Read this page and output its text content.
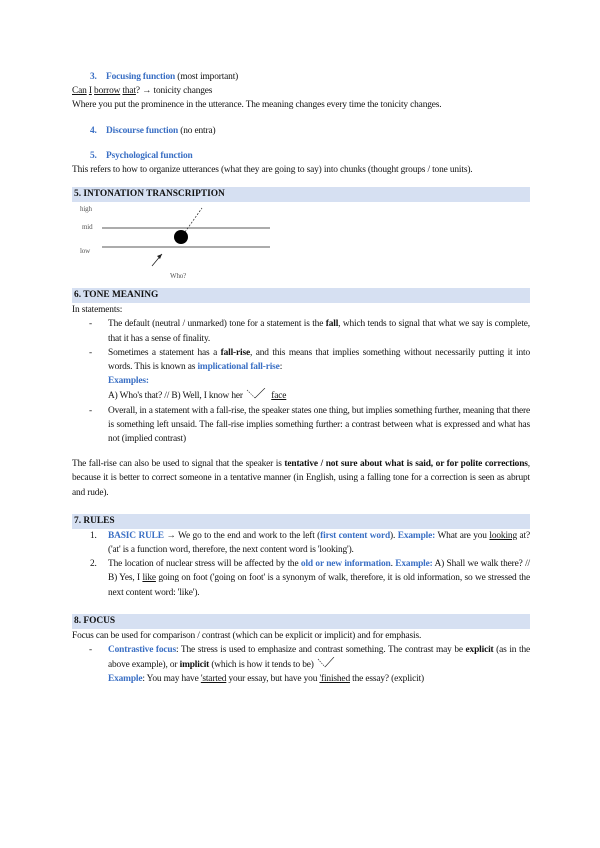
3. Focusing function (most important)

Can I borrow that? → tonicity changes

Where you put the prominence in the utterance. The meaning changes every time the tonicity changes.

4. Discourse function (no entra)

5. Psychological function

This refers to how to organize utterances (what they are going to say) into chunks (thought groups / tone units).

5. INTONATION TRANSCRIPTION
high
mid
low
Who?
6. TONE MEANING

In statements:

-	The default (neutral / unmarked) tone for a statement is the fall, which tends to signal that what we say is complete, that it has a sense of finality.
-	Sometimes a statement has a fall-rise, and this means that implies something without necessarily putting it into words. This is known as implicational fall-rise:
Examples:
A) Who's that? // B) Well, I know her	face
-	Overall, in a statement with a fall-rise, the speaker states one thing, but implies something further, meaning that there is something left unsaid. The fall-rise implies something further: a contrast between what is expressed and what has not (implied contrast)

The fall-rise can also be used to signal that the speaker is tentative / not sure about what is said, or for polite corrections, because it is better to correct someone in a tentative manner (in English, using a falling tone for a correction is seen as abrupt and rude).

7. RULES
1.	BASIC RULE → We go to the end and work to the left (first content word). Example: What are you looking at? ('at' is a function word, therefore, the next content word is 'looking').
2.	The location of nuclear stress will be affected by the old or new information. Example: A) Shall we walk there? // B) Yes, I like going on foot ('going on foot' is a synonym of walk, therefore, it is old information, so we stressed the next content word: 'like').
8. FOCUS

Focus can be used for comparison / contrast (which can be explicit or implicit) and for emphasis.

-	Contrastive focus: The stress is used to emphasize and contrast something. The contrast may be explicit (as in the above example), or implicit (which is how it tends to be)
Example: You may have 'started your essay, but have you 'finished the essay? (explicit)
